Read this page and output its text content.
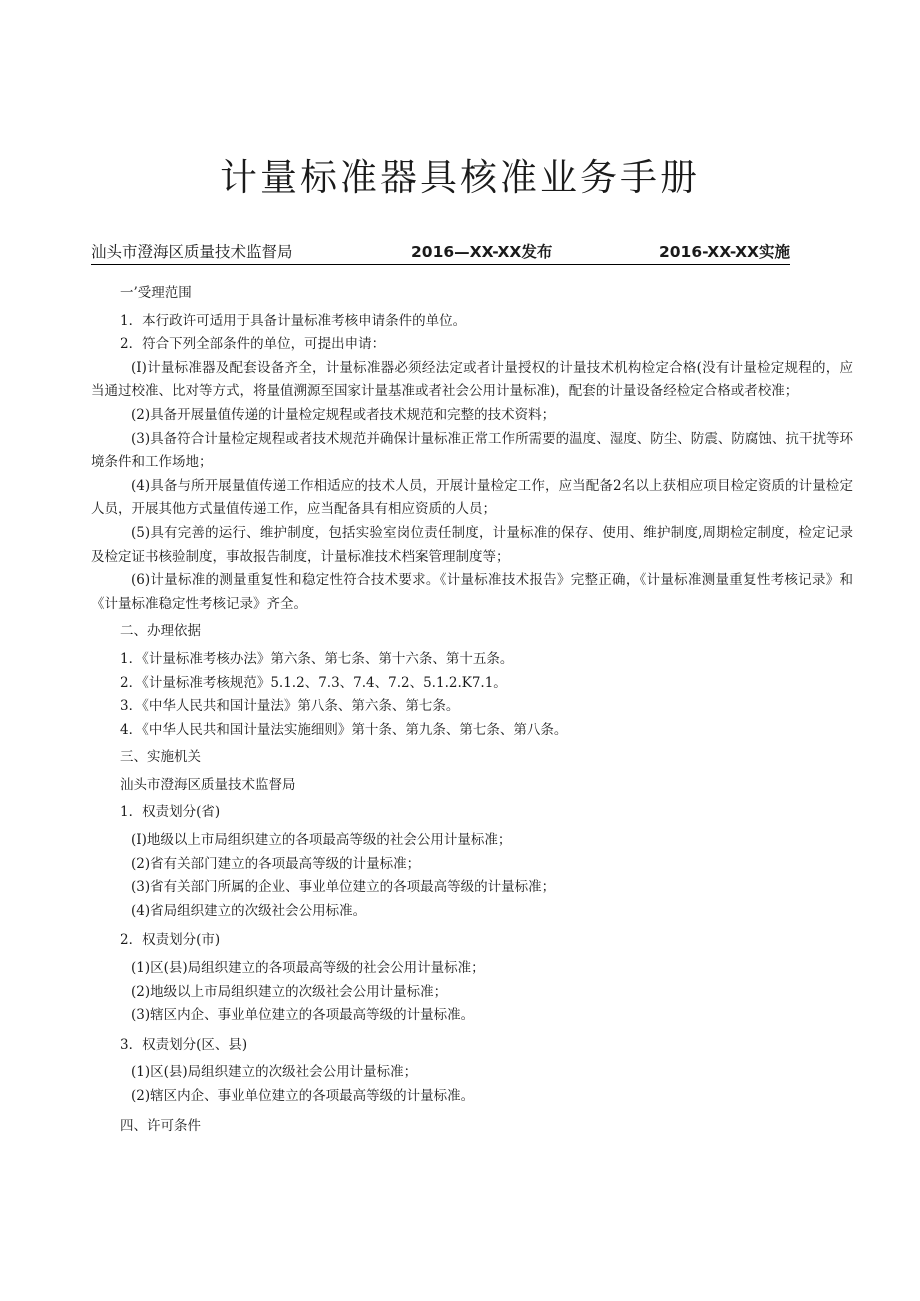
计量标准器具核准业务手册
汕头市澄海区质量技术监督局	2016—XX-XX发布	2016-XX-XX实施

一’受理范围

1．本行政许可适用于具备计量标准考核申请条件的单位。

2．符合下列全部条件的单位，可提出申请：

(I)计量标准器及配套设备齐全，计量标准器必须经法定或者计量授权的计量技术机构检定合格(没有计量检定规程的，应当通过校准、比对等方式，将量值溯源至国家计量基准或者社会公用计量标准)，配套的计量设备经检定合格或者校准；

(2)具备开展量值传递的计量检定规程或者技术规范和完整的技术资料；

(3)具备符合计量检定规程或者技术规范并确保计量标准正常工作所需要的温度、湿度、防尘、防震、防腐蚀、抗干扰等环境条件和工作场地；

(4)具备与所开展量值传递工作相适应的技术人员，开展计量检定工作，应当配备2名以上获相应项目检定资质的计量检定人员，开展其他方式量值传递工作，应当配备具有相应资质的人员；

(5)具有完善的运行、维护制度，包括实验室岗位责任制度，计量标准的保存、使用、维护制度,周期检定制度，检定记录及检定证书核验制度，事故报告制度，计量标准技术档案管理制度等；

(6)计量标准的测量重复性和稳定性符合技术要求。《计量标准技术报告》完整正确，《计量标准测量重复性考核记录》和《计量标准稳定性考核记录》齐全。

二、办理依据

1．《计量标准考核办法》第六条、第七条、第十六条、第十五条。

2．《计量标准考核规范》5.1.2、7.3、7.4、7.2、5.1.2.K7.1。

3．《中华人民共和国计量法》第八条、第六条、第七条。

4．《中华人民共和国计量法实施细则》第十条、第九条、第七条、第八条。

三、实施机关

汕头市澄海区质量技术监督局

1．权责划分(省)

(I)地级以上市局组织建立的各项最高等级的社会公用计量标准；

(2)省有关部门建立的各项最高等级的计量标准；

(3)省有关部门所属的企业、事业单位建立的各项最高等级的计量标准；

(4)省局组织建立的次级社会公用标准。

2．权责划分(市)

(1)区(县)局组织建立的各项最高等级的社会公用计量标准；

(2)地级以上市局组织建立的次级社会公用计量标准；

(3)辖区内企、事业单位建立的各项最高等级的计量标准。

3．权责划分(区、县)

(1)区(县)局组织建立的次级社会公用计量标准；

(2)辖区内企、事业单位建立的各项最高等级的计量标准。

四、许可条件
